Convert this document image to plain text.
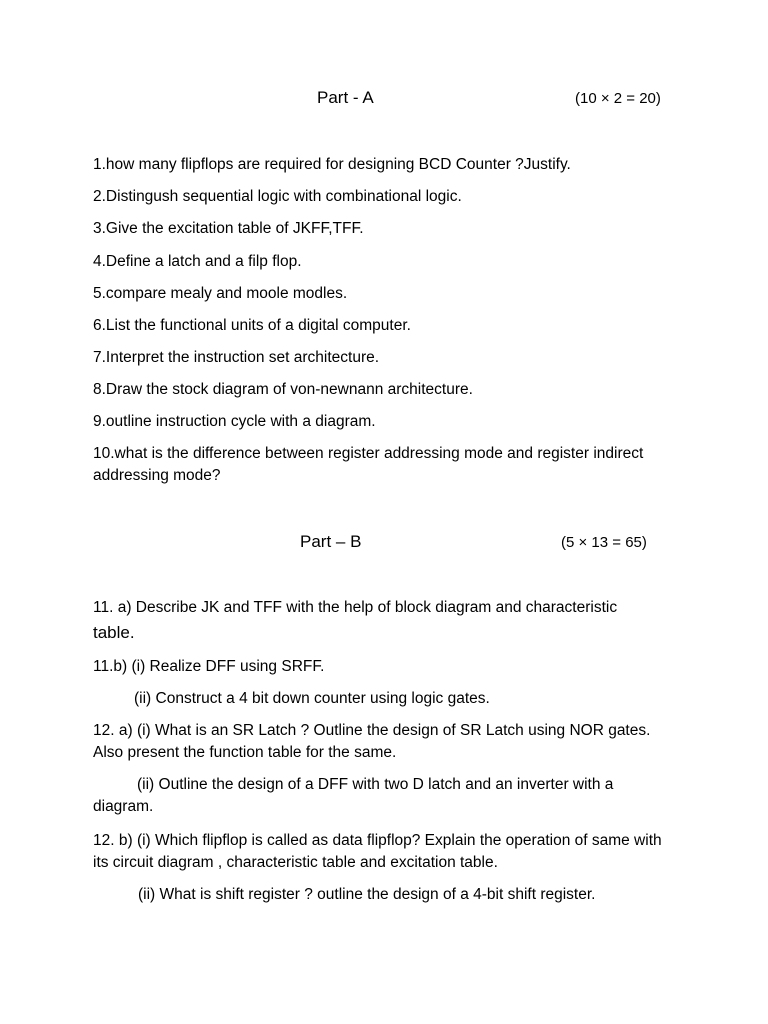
Part - A	(10 × 2 = 20)
1.how many flipflops are required for designing BCD Counter ?Justify.
2.Distingush sequential logic with combinational logic.
3.Give the excitation table of JKFF,TFF.
4.Define a latch and a filp flop.
5.compare mealy and moole modles.
6.List the functional units of a digital computer.
7.Interpret the instruction set architecture.
8.Draw the stock diagram of von-newnann architecture.
9.outline instruction cycle with a diagram.
10.what is the difference between register addressing mode and register indirect addressing mode?
Part – B	(5 × 13 = 65)
11. a) Describe JK and TFF with the help of block diagram and characteristic
table.
11.b) (i) Realize DFF using SRFF.
(ii) Construct a 4 bit down counter using logic gates.
12. a) (i) What is an SR Latch ? Outline the design of SR Latch using NOR gates. Also present the function table for the same.
(ii) Outline the design of a DFF with two D latch and an inverter with a diagram.
12. b) (i) Which flipflop is called as data flipflop? Explain the operation of same with its circuit diagram , characteristic table and excitation table.
(ii) What is shift register ? outline the design of a 4-bit shift register.
